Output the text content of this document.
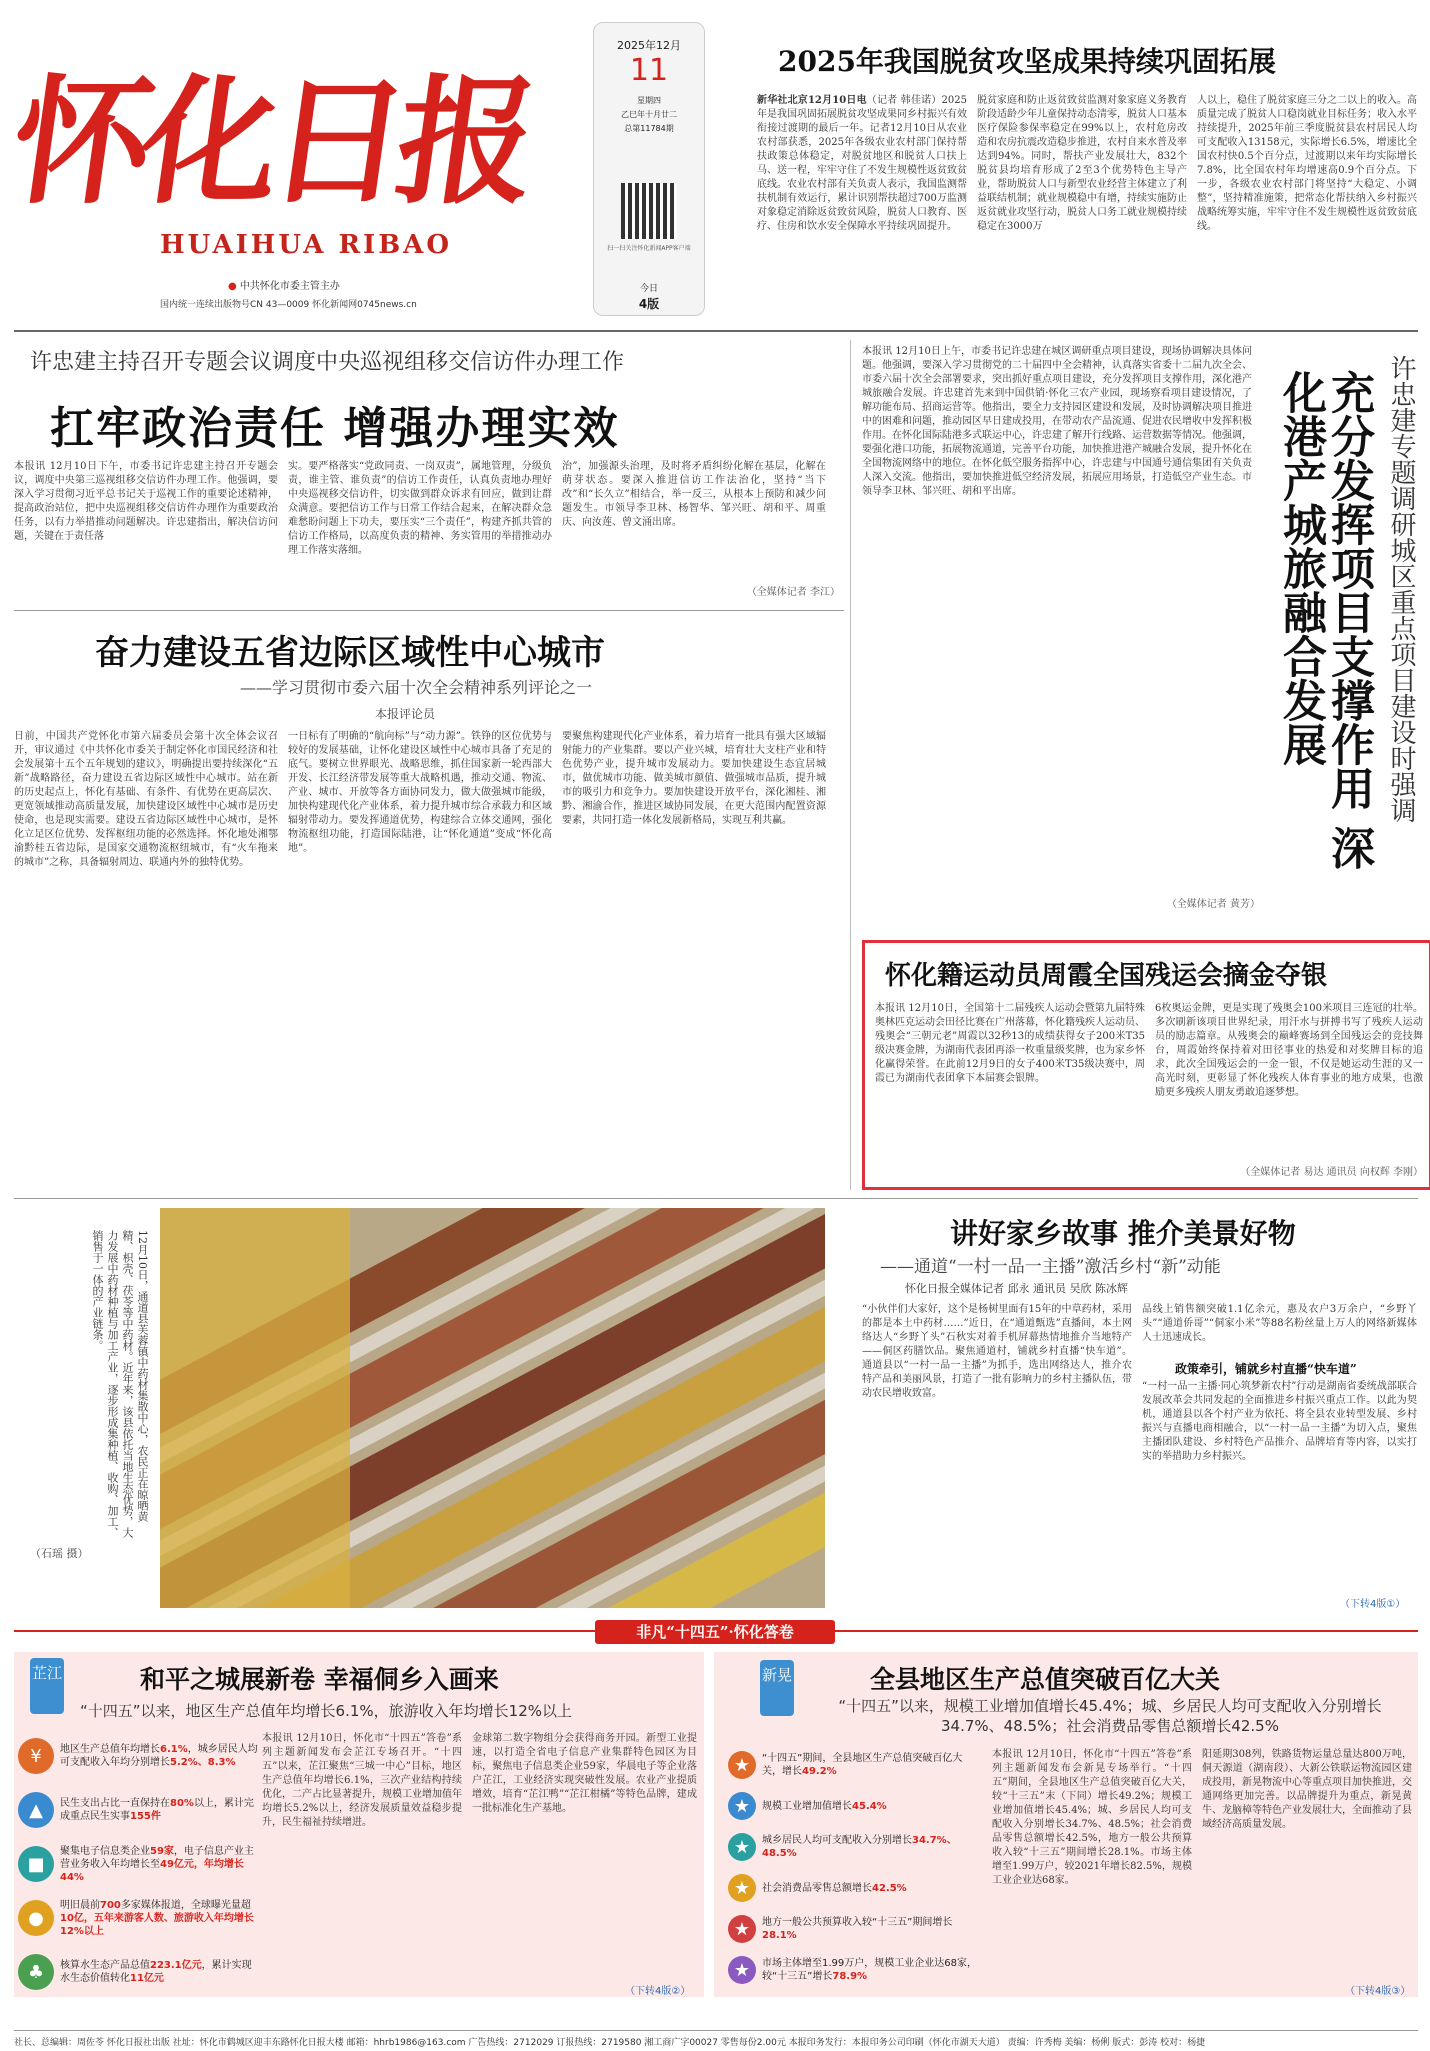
怀化日报
HUAIHUA RIBAO
● 中共怀化市委主管主办
国内统一连续出版物号CN 43—0009 怀化新闻网0745news.cn
2025年12月
11
星期四
乙巳年十月廿二
总第11784期
扫一扫关注怀化新闻APP客户端
今日
4版
2025年我国脱贫攻坚成果持续巩固拓展
新华社北京12月10日电（记者 韩佳诺）2025年是我国巩固拓展脱贫攻坚成果同乡村振兴有效衔接过渡期的最后一年。记者12月10日从农业农村部获悉，2025年各级农业农村部门保持帮扶政策总体稳定，对脱贫地区和脱贫人口扶上马、送一程，牢牢守住了不发生规模性返贫致贫底线。农业农村部有关负责人表示，我国监测帮扶机制有效运行，累计识别帮扶超过700万监测对象稳定消除返贫致贫风险，脱贫人口教育、医疗、住房和饮水安全保障水平持续巩固提升。
脱贫家庭和防止返贫致贫监测对象家庭义务教育阶段适龄少年儿童保持动态清零，脱贫人口基本医疗保险参保率稳定在99%以上，农村危房改造和农房抗震改造稳步推进，农村自来水普及率达到94%。同时，帮扶产业发展壮大，832个脱贫县均培育形成了2至3个优势特色主导产业，帮助脱贫人口与新型农业经营主体建立了利益联结机制；就业规模稳中有增，持续实施防止返贫就业攻坚行动，脱贫人口务工就业规模持续稳定在3000万
人以上，稳住了脱贫家庭三分之二以上的收入。高质量完成了脱贫人口稳岗就业目标任务；收入水平持续提升，2025年前三季度脱贫县农村居民人均可支配收入13158元，实际增长6.5%，增速比全国农村快0.5个百分点，过渡期以来年均实际增长7.8%，比全国农村年均增速高0.9个百分点。下一步，各级农业农村部门将坚持“大稳定、小调整”，坚持精准施策，把常态化帮扶纳入乡村振兴战略统筹实施，牢牢守住不发生规模性返贫致贫底线。
许忠建主持召开专题会议调度中央巡视组移交信访件办理工作
扛牢政治责任 增强办理实效
本报讯 12月10日下午，市委书记许忠建主持召开专题会议，调度中央第三巡视组移交信访件办理工作。他强调，要深入学习贯彻习近平总书记关于巡视工作的重要论述精神，提高政治站位，把中央巡视组移交信访件办理作为重要政治任务，以有力举措推动问题解决。许忠建指出，解决信访问题，关键在于责任落
实。要严格落实“党政同责、一岗双责”，属地管理，分级负责，谁主管、谁负责”的信访工作责任，认真负责地办理好中央巡视移交信访件，切实做到群众诉求有回应，做到让群众满意。要把信访工作与日常工作结合起来，在解决群众急难愁盼问题上下功夫，要压实“三个责任”，构建齐抓共管的信访工作格局，以高度负责的精神、务实管用的举措推动办理工作落实落细。
治”，加强源头治理，及时将矛盾纠纷化解在基层，化解在萌芽状态。要深入推进信访工作法治化，坚持“当下改”和“长久立”相结合，举一反三，从根本上预防和减少问题发生。市领导李卫林、杨智华、邹兴旺、胡和平、周重庆、向汝莲、曾文涌出席。
（全媒体记者 李江）
奋力建设五省边际区域性中心城市
——学习贯彻市委六届十次全会精神系列评论之一
本报评论员
日前，中国共产党怀化市第六届委员会第十次全体会议召开，审议通过《中共怀化市委关于制定怀化市国民经济和社会发展第十五个五年规划的建议》，明确提出要持续深化“五新”战略路径，奋力建设五省边际区域性中心城市。站在新的历史起点上，怀化有基础、有条件、有优势在更高层次、更宽领域推动高质量发展，加快建设区域性中心城市是历史使命，也是现实需要。建设五省边际区域性中心城市，是怀化立足区位优势、发挥枢纽功能的必然选择。怀化地处湘鄂渝黔桂五省边际，是国家交通物流枢纽城市，有“火车拖来的城市”之称，具备辐射周边、联通内外的独特优势。
一日标有了明确的“航向标”与“动力源”。铁铮的区位优势与较好的发展基础，让怀化建设区域性中心城市具备了充足的底气。要树立世界眼光、战略思维，抓住国家新一轮西部大开发、长江经济带发展等重大战略机遇，推动交通、物流、产业、城市、开放等各方面协同发力，做大做强城市能级，加快构建现代化产业体系，着力提升城市综合承载力和区域辐射带动力。要发挥通道优势，构建综合立体交通网，强化物流枢纽功能，打造国际陆港，让“怀化通道”变成“怀化高地”。
要聚焦构建现代化产业体系，着力培育一批具有强大区域辐射能力的产业集群。要以产业兴城，培育壮大支柱产业和特色优势产业，提升城市发展动力。要加快建设生态宜居城市，做优城市功能、做美城市颜值、做强城市品质，提升城市的吸引力和竞争力。要加快建设开放平台，深化湘桂、湘黔、湘渝合作，推进区域协同发展，在更大范围内配置资源要素，共同打造一体化发展新格局，实现互利共赢。
本报讯 12月10日上午，市委书记许忠建在城区调研重点项目建设，现场协调解决具体问题。他强调，要深入学习贯彻党的二十届四中全会精神，认真落实省委十二届九次全会、市委六届十次全会部署要求，突出抓好重点项目建设，充分发挥项目支撑作用，深化港产城旅融合发展。许忠建首先来到中国供销·怀化三农产业园，现场察看项目建设情况，了解功能布局、招商运营等。他指出，要全力支持园区建设和发展，及时协调解决项目推进中的困难和问题，推动园区早日建成投用，在带动农产品流通、促进农民增收中发挥积极作用。在怀化国际陆港多式联运中心，许忠建了解开行线路、运营数据等情况。他强调，要强化港口功能，拓展物流通道，完善平台功能，加快推进港产城融合发展，提升怀化在全国物流网络中的地位。在怀化低空服务指挥中心，许忠建与中国通号通信集团有关负责人深入交流。他指出，要加快推进低空经济发展，拓展应用场景，打造低空产业生态。市领导李卫林、邹兴旺、胡和平出席。
（全媒体记者 黄芳）
充分发挥项目支撑作用 深化港产城旅融合发展	许忠建专题调研城区重点项目建设时强调
怀化籍运动员周霞全国残运会摘金夺银
本报讯 12月10日，全国第十二届残疾人运动会暨第九届特殊奥林匹克运动会田径比赛在广州落幕，怀化籍残疾人运动员、残奥会“三朝元老”周霞以32秒13的成绩获得女子200米T35级决赛金牌，为湖南代表团再添一枚重量级奖牌，也为家乡怀化赢得荣誉。在此前12月9日的女子400米T35级决赛中，周霞已为湖南代表团拿下本届赛会银牌。
6枚奥运金牌，更是实现了残奥会100米项目三连冠的壮举。多次刷新该项目世界纪录，用汗水与拼搏书写了残疾人运动员的励志篇章。从残奥会的巅峰赛场到全国残运会的竞技舞台，周霞始终保持着对田径事业的热爱和对奖牌目标的追求，此次全国残运会的一金一银，不仅是她运动生涯的又一高光时刻，更彰显了怀化残疾人体育事业的地方成果，也激励更多残疾人朋友勇敢追逐梦想。
（全媒体记者 易达 通讯员 向权辉 李刚）
12月10日，通道县芙蓉镇中药材集散中心，农民正在晾晒黄精、枳壳、茯苓等中药材。近年来，该县依托当地生态优势，大力发展中药材种植与加工产业，逐步形成集种植、收购、加工、销售于一体的产业链条。
（石瑶 摄）
讲好家乡故事 推介美景好物
——通道“一村一品一主播”激活乡村“新”动能
怀化日报全媒体记者 邱永 通讯员 吴欣 陈冰辉
“小伙伴们大家好，这个是杨树里面有15年的中草药材，采用的都是本土中药材……”近日，在“通道甄选”直播间，本土网络达人“乡野丫头”石秋实对着手机屏幕热情地推介当地特产——侗区药膳饮品。聚焦通道村，铺就乡村直播“快车道”。通道县以“一村一品一主播”为抓手，选出网络达人，推介农特产品和美丽风景，打造了一批有影响力的乡村主播队伍，带动农民增收致富。
品线上销售额突破1.1亿余元，惠及农户3万余户，“乡野丫头”“通道侨哥”“侗家小米”等88名粉丝量上万人的网络新媒体人士迅速成长。
政策牵引，铺就乡村直播“快车道”
“一村一品一主播·同心筑梦新农村”行动是湖南省委统战部联合发展改革会共同发起的全面推进乡村振兴重点工作。以此为契机，通道县以各个村产业为依托、将全县农业转型发展、乡村振兴与直播电商相融合，以“一村一品一主播”为切入点，聚焦主播团队建设、乡村特色产品推介、品牌培育等内容，以实打实的举措助力乡村振兴。
（下转4版①）
非凡“十四五”·怀化答卷
芷江	和平之城展新卷 幸福侗乡入画来
“十四五”以来，地区生产总值年均增长6.1%，旅游收入年均增长12%以上
¥	地区生产总值年均增长6.1%，城乡居民人均可支配收入年均分别增长5.2%、8.3%
▲	民生支出占比一直保持在80%以上，累计完成重点民生实事155件
■
聚集电子信息类企业59家，电子信息产业主营业务收入年均增长至49亿元，年均增长44%
●
明旧晨前700多家媒体报道，全球曝光量超10亿，五年来游客人数、旅游收入年均增长12%以上
♣	核算水生态产品总值223.1亿元，累计实现水生态价值转化11亿元
本报讯 12月10日，怀化市“十四五”答卷”系列主题新闻发布会芷江专场召开。“十四五”以来，芷江聚焦“三城一中心”目标，地区生产总值年均增长6.1%，三次产业结构持续优化，二产占比显著提升，规模工业增加值年均增长5.2%以上，经济发展质量效益稳步提升，民生福祉持续增进。
金球第二数字物组分会获得商务开园。新型工业提速，以打造全省电子信息产业集群特色园区为目标，聚焦电子信息类企业59家，华晨电子等企业落户芷江，工业经济实现突破性发展。农业产业提质增效，培育“芷江鸭”“芷江柑橘”等特色品牌，建成一批标准化生产基地。
（下转4版②）
新晃	全县地区生产总值突破百亿大关
“十四五”以来，规模工业增加值增长45.4%；城、乡居民人均可支配收入分别增长34.7%、48.5%；社会消费品零售总额增长42.5%
★	“十四五”期间，全县地区生产总值突破百亿大关，增长49.2%
★	规模工业增加值增长45.4%
★	城乡居民人均可支配收入分别增长34.7%、48.5%
★	社会消费品零售总额增长42.5%
★	地方一般公共预算收入较“十三五”期间增长28.1%
★	市场主体增至1.99万户，规模工业企业达68家，较“十三五”增长78.9%
本报讯 12月10日，怀化市“十四五”答卷”系列主题新闻发布会新晃专场举行。“十四五”期间，全县地区生产总值突破百亿大关，较“十三五”末（下同）增长49.2%；规模工业增加值增长45.4%；城、乡居民人均可支配收入分别增长34.7%、48.5%；社会消费品零售总额增长42.5%，地方一般公共预算收入较“十三五”期间增长28.1%。市场主体增至1.99万户，较2021年增长82.5%，规模工业企业达68家。
阳延期308列，铁路货物运量总量达800万吨，侗天源道（湖南段）、大新公铁联运物流园区建成投用，新晃物流中心等重点项目加快推进，交通网络更加完善。以品牌提升为重点，新晃黄牛、龙脑樟等特色产业发展壮大，全面推动了县域经济高质量发展。
（下转4版③）
社长、总编辑：周佐苓 怀化日报社出版 社址：怀化市鹤城区迎丰东路怀化日报大楼 邮箱：hhrb1986@163.com 广告热线：2712029 订报热线：2719580 湘工商广字00027 零售每份2.00元 本报印务发行：本报印务公司印刷（怀化市湖天大道） 责编：许秀梅 美编：杨俐 版式：彭涛 校对：杨捷
